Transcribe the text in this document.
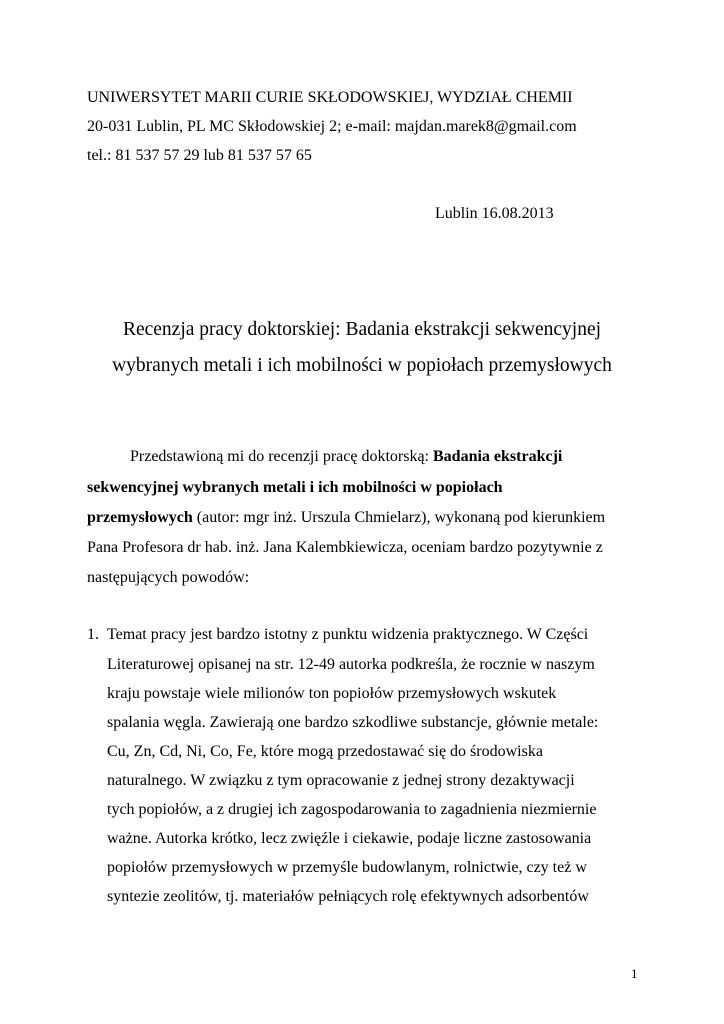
UNIWERSYTET MARII CURIE SKŁODOWSKIEJ, WYDZIAŁ CHEMII
20-031 Lublin, PL MC Skłodowskiej 2; e-mail: majdan.marek8@gmail.com
tel.: 81 537 57 29 lub 81 537 57 65
Lublin 16.08.2013
Recenzja pracy doktorskiej: Badania ekstrakcji sekwencyjnej
wybranych metali i ich mobilności w popiołach przemysłowych
Przedstawioną mi do recenzji pracę doktorską: Badania ekstrakcji
sekwencyjnej wybranych metali i ich mobilności w popiołach
przemysłowych (autor: mgr inż. Urszula Chmielarz), wykonaną pod kierunkiem
Pana Profesora dr hab. inż. Jana Kalembkiewicza, oceniam bardzo pozytywnie z
następujących powodów:
1. Temat pracy jest bardzo istotny z punktu widzenia praktycznego. W Części
Literaturowej opisanej na str. 12-49 autorka podkreśla, że rocznie w naszym
kraju powstaje wiele milionów ton popiołów przemysłowych wskutek
spalania węgla. Zawierają one bardzo szkodliwe substancje, głównie metale:
Cu, Zn, Cd, Ni, Co, Fe, które mogą przedostawać się do środowiska
naturalnego. W związku z tym opracowanie z jednej strony dezaktywacji
tych popiołów, a z drugiej ich zagospodarowania to zagadnienia niezmiernie
ważne. Autorka krótko, lecz zwięźle i ciekawie, podaje liczne zastosowania
popiołów przemysłowych w przemyśle budowlanym, rolnictwie, czy też w
syntezie zeolitów, tj. materiałów pełniących rolę efektywnych adsorbentów
1
